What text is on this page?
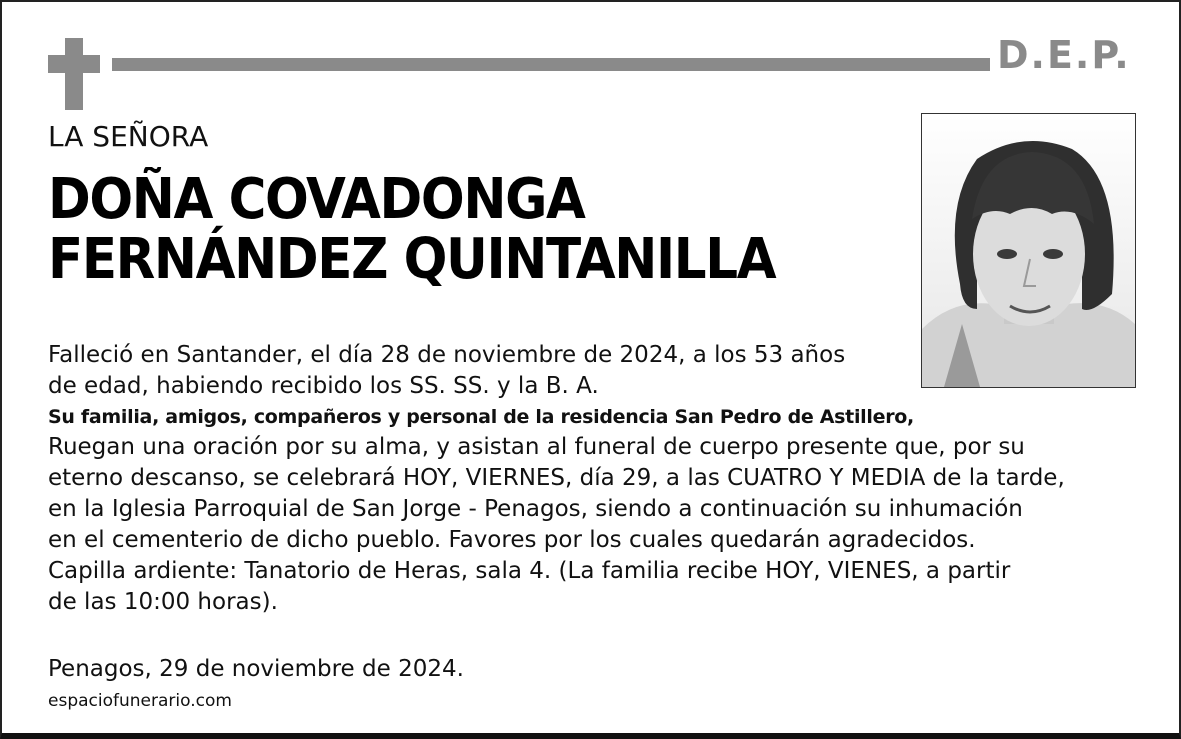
D.E.P.
LA SEÑORA
DOÑA COVADONGA
FERNÁNDEZ QUINTANILLA
Falleció en Santander, el día 28 de noviembre de 2024, a los 53 años
de edad, habiendo recibido los SS. SS. y la B. A.
Su familia, amigos, compañeros y personal de la residencia San Pedro de Astillero,
Ruegan una oración por su alma, y asistan al funeral de cuerpo presente que, por su
eterno descanso, se celebrará HOY, VIERNES, día 29, a las CUATRO Y MEDIA de la tarde,
en la Iglesia Parroquial de San Jorge - Penagos, siendo a continuación su inhumación
en el cementerio de dicho pueblo. Favores por los cuales quedarán agradecidos.
Capilla ardiente: Tanatorio de Heras, sala 4. (La familia recibe HOY, VIENES, a partir
de las 10:00 horas).
Penagos, 29 de noviembre de 2024.
espaciofunerario.com
